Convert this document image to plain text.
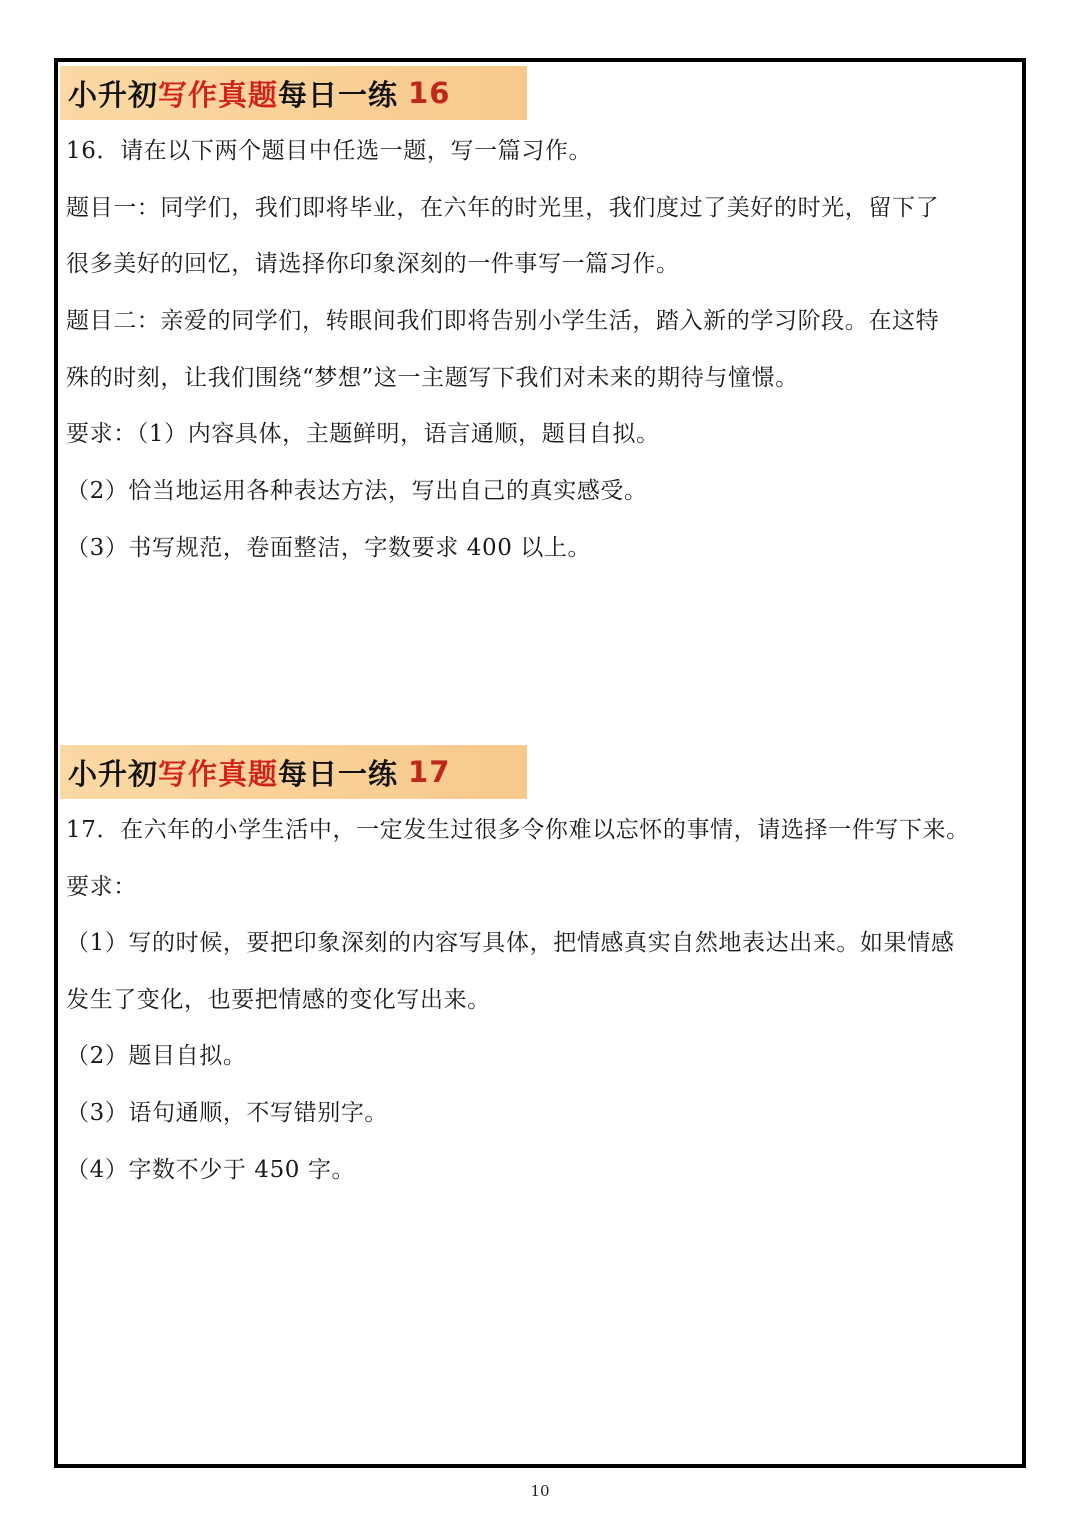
小升初 写作真题 每日一练 16
16．请在以下两个题目中任选一题，写一篇习作。
题目一：同学们，我们即将毕业，在六年的时光里，我们度过了美好的时光，留下了
很多美好的回忆，请选择你印象深刻的一件事写一篇习作。
题目二：亲爱的同学们，转眼间我们即将告别小学生活，踏入新的学习阶段。在这特
殊的时刻，让我们围绕“梦想”这一主题写下我们对未来的期待与憧憬。
要求：（1）内容具体，主题鲜明，语言通顺，题目自拟。
（2）恰当地运用各种表达方法，写出自己的真实感受。
（3）书写规范，卷面整洁，字数要求 400 以上。
小升初 写作真题 每日一练 17
17．在六年的小学生活中，一定发生过很多令你难以忘怀的事情，请选择一件写下来。
要求：
（1）写的时候，要把印象深刻的内容写具体，把情感真实自然地表达出来。如果情感
发生了变化，也要把情感的变化写出来。
（2）题目自拟。
（3）语句通顺，不写错别字。
（4）字数不少于 450 字。
10
